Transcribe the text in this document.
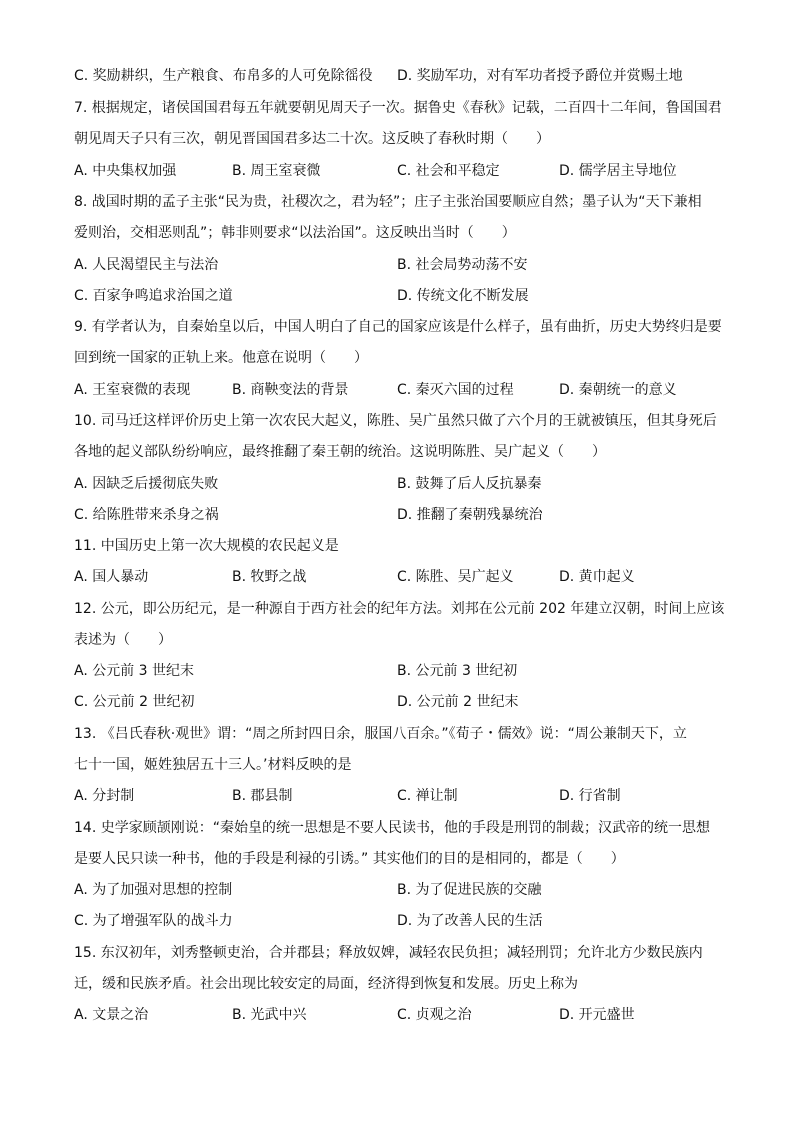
C. 奖励耕织，生产粮食、布帛多的人可免除徭役 D. 奖励军功，对有军功者授予爵位并赏赐土地
7. 根据规定，诸侯国国君每五年就要朝见周天子一次。据鲁史《春秋》记载，二百四十二年间，鲁国国君
朝见周天子只有三次，朝见晋国国君多达二十次。这反映了春秋时期（　　）
A. 中央集权加强	B. 周王室衰微	C. 社会和平稳定	D. 儒学居主导地位
8. 战国时期的孟子主张“民为贵，社稷次之，君为轻”；庄子主张治国要顺应自然；墨子认为“天下兼相
爱则治，交相恶则乱”；韩非则要求“以法治国”。这反映出当时（　　）
A. 人民渴望民主与法治	B. 社会局势动荡不安
C. 百家争鸣追求治国之道	D. 传统文化不断发展
9. 有学者认为，自秦始皇以后，中国人明白了自己的国家应该是什么样子，虽有曲折，历史大势终归是要
回到统一国家的正轨上来。他意在说明（　　）
A. 王室衰微的表现	B. 商鞅变法的背景	C. 秦灭六国的过程	D. 秦朝统一的意义
10. 司马迁这样评价历史上第一次农民大起义，陈胜、吴广虽然只做了六个月的王就被镇压，但其身死后
各地的起义部队纷纷响应，最终推翻了秦王朝的统治。这说明陈胜、吴广起义（　　）
A. 因缺乏后援彻底失败	B. 鼓舞了后人反抗暴秦
C. 给陈胜带来杀身之祸	D. 推翻了秦朝残暴统治
11. 中国历史上第一次大规模的农民起义是
A. 国人暴动	B. 牧野之战	C. 陈胜、吴广起义	D. 黄巾起义
12. 公元，即公历纪元，是一种源自于西方社会的纪年方法。刘邦在公元前 202 年建立汉朝，时间上应该
表述为（　　）
A. 公元前 3 世纪末	B. 公元前 3 世纪初
C. 公元前 2 世纪初	D. 公元前 2 世纪末
13. 《吕氏春秋·观世》谓：“周之所封四日余，服国八百余。”《荀子・儒效》说：“周公兼制天下，立
七十一国，姬姓独居五十三人。’材料反映的是
A. 分封制	B. 郡县制	C. 禅让制	D. 行省制
14. 史学家顾颉刚说：“秦始皇的统一思想是不要人民读书，他的手段是刑罚的制裁；汉武帝的统一思想
是要人民只读一种书，他的手段是利禄的引诱。” 其实他们的目的是相同的，都是（　　）
A. 为了加强对思想的控制	B. 为了促进民族的交融
C. 为了增强军队的战斗力	D. 为了改善人民的生活
15. 东汉初年，刘秀整顿吏治，合并郡县；释放奴婢，减轻农民负担；减轻刑罚；允许北方少数民族内
迁，缓和民族矛盾。社会出现比较安定的局面，经济得到恢复和发展。历史上称为
A. 文景之治	B. 光武中兴	C. 贞观之治	D. 开元盛世
